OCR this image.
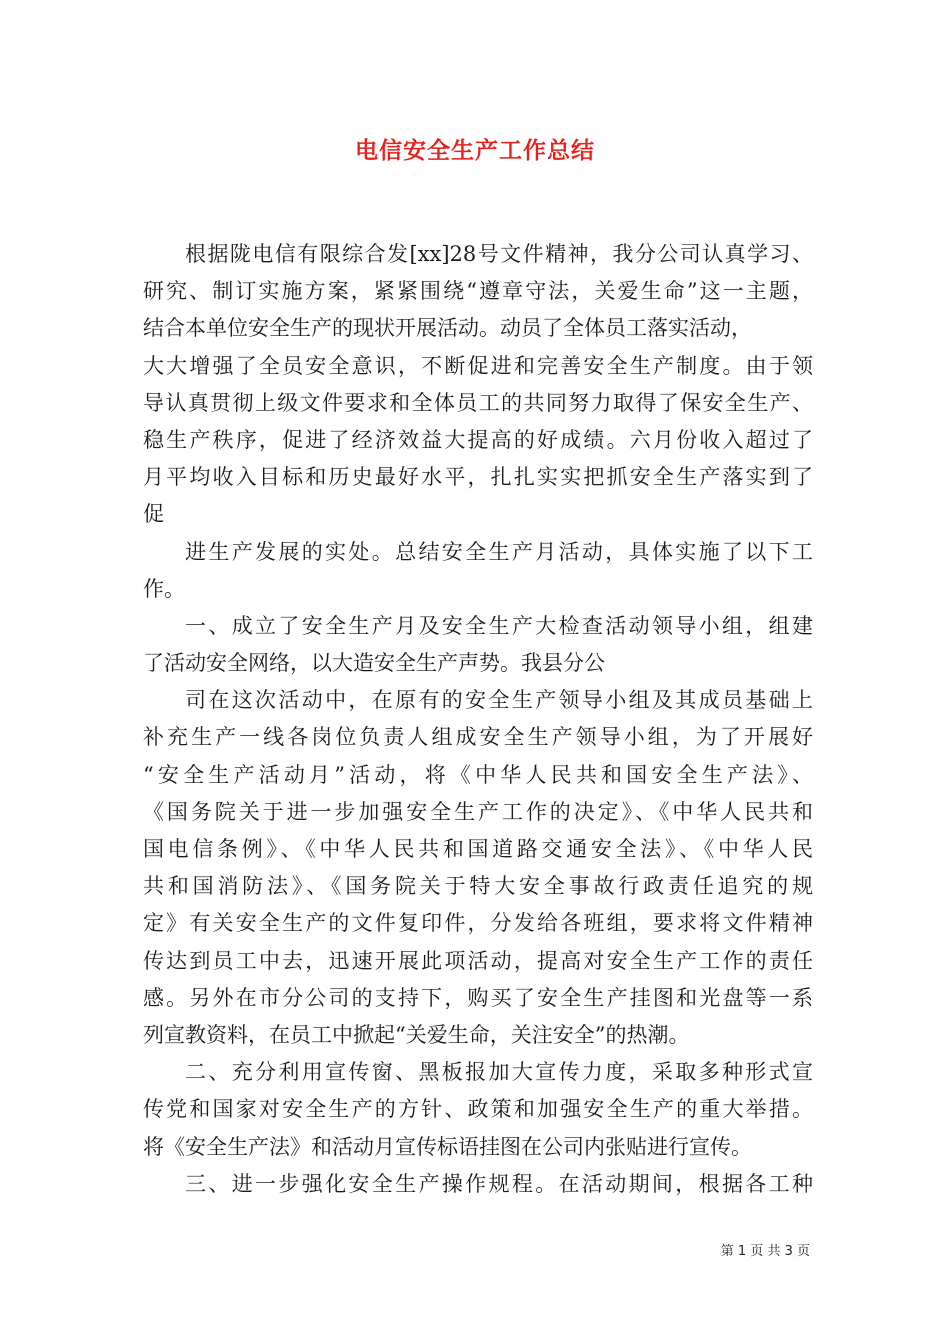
电信安全生产工作总结
根据陇电信有限综合发[xx]28号文件精神，我分公司认真学习、
研究、制订实施方案，紧紧围绕“遵章守法，关爱生命”这一主题，
结合本单位安全生产的现状开展活动。动员了全体员工落实活动，
大大增强了全员安全意识，不断促进和完善安全生产制度。由于领
导认真贯彻上级文件要求和全体员工的共同努力取得了保安全生产、
稳生产秩序，促进了经济效益大提高的好成绩。六月份收入超过了
月平均收入目标和历史最好水平，扎扎实实把抓安全生产落实到了
促
进生产发展的实处。总结安全生产月活动，具体实施了以下工
作。
一、成立了安全生产月及安全生产大检查活动领导小组，组建
了活动安全网络，以大造安全生产声势。我县分公
司在这次活动中，在原有的安全生产领导小组及其成员基础上
补充生产一线各岗位负责人组成安全生产领导小组，为了开展好
“安全生产活动月”活动，将《中华人民共和国安全生产法》、
《国务院关于进一步加强安全生产工作的决定》、《中华人民共和
国电信条例》、《中华人民共和国道路交通安全法》、《中华人民
共和国消防法》、《国务院关于特大安全事故行政责任追究的规
定》有关安全生产的文件复印件，分发给各班组，要求将文件精神
传达到员工中去，迅速开展此项活动，提高对安全生产工作的责任
感。另外在市分公司的支持下，购买了安全生产挂图和光盘等一系
列宣教资料，在员工中掀起“关爱生命，关注安全”的热潮。
二、充分利用宣传窗、黑板报加大宣传力度，采取多种形式宣
传党和国家对安全生产的方针、政策和加强安全生产的重大举措。
将《安全生产法》和活动月宣传标语挂图在公司内张贴进行宣传。
三、进一步强化安全生产操作规程。在活动期间，根据各工种
第 1 页 共 3 页
